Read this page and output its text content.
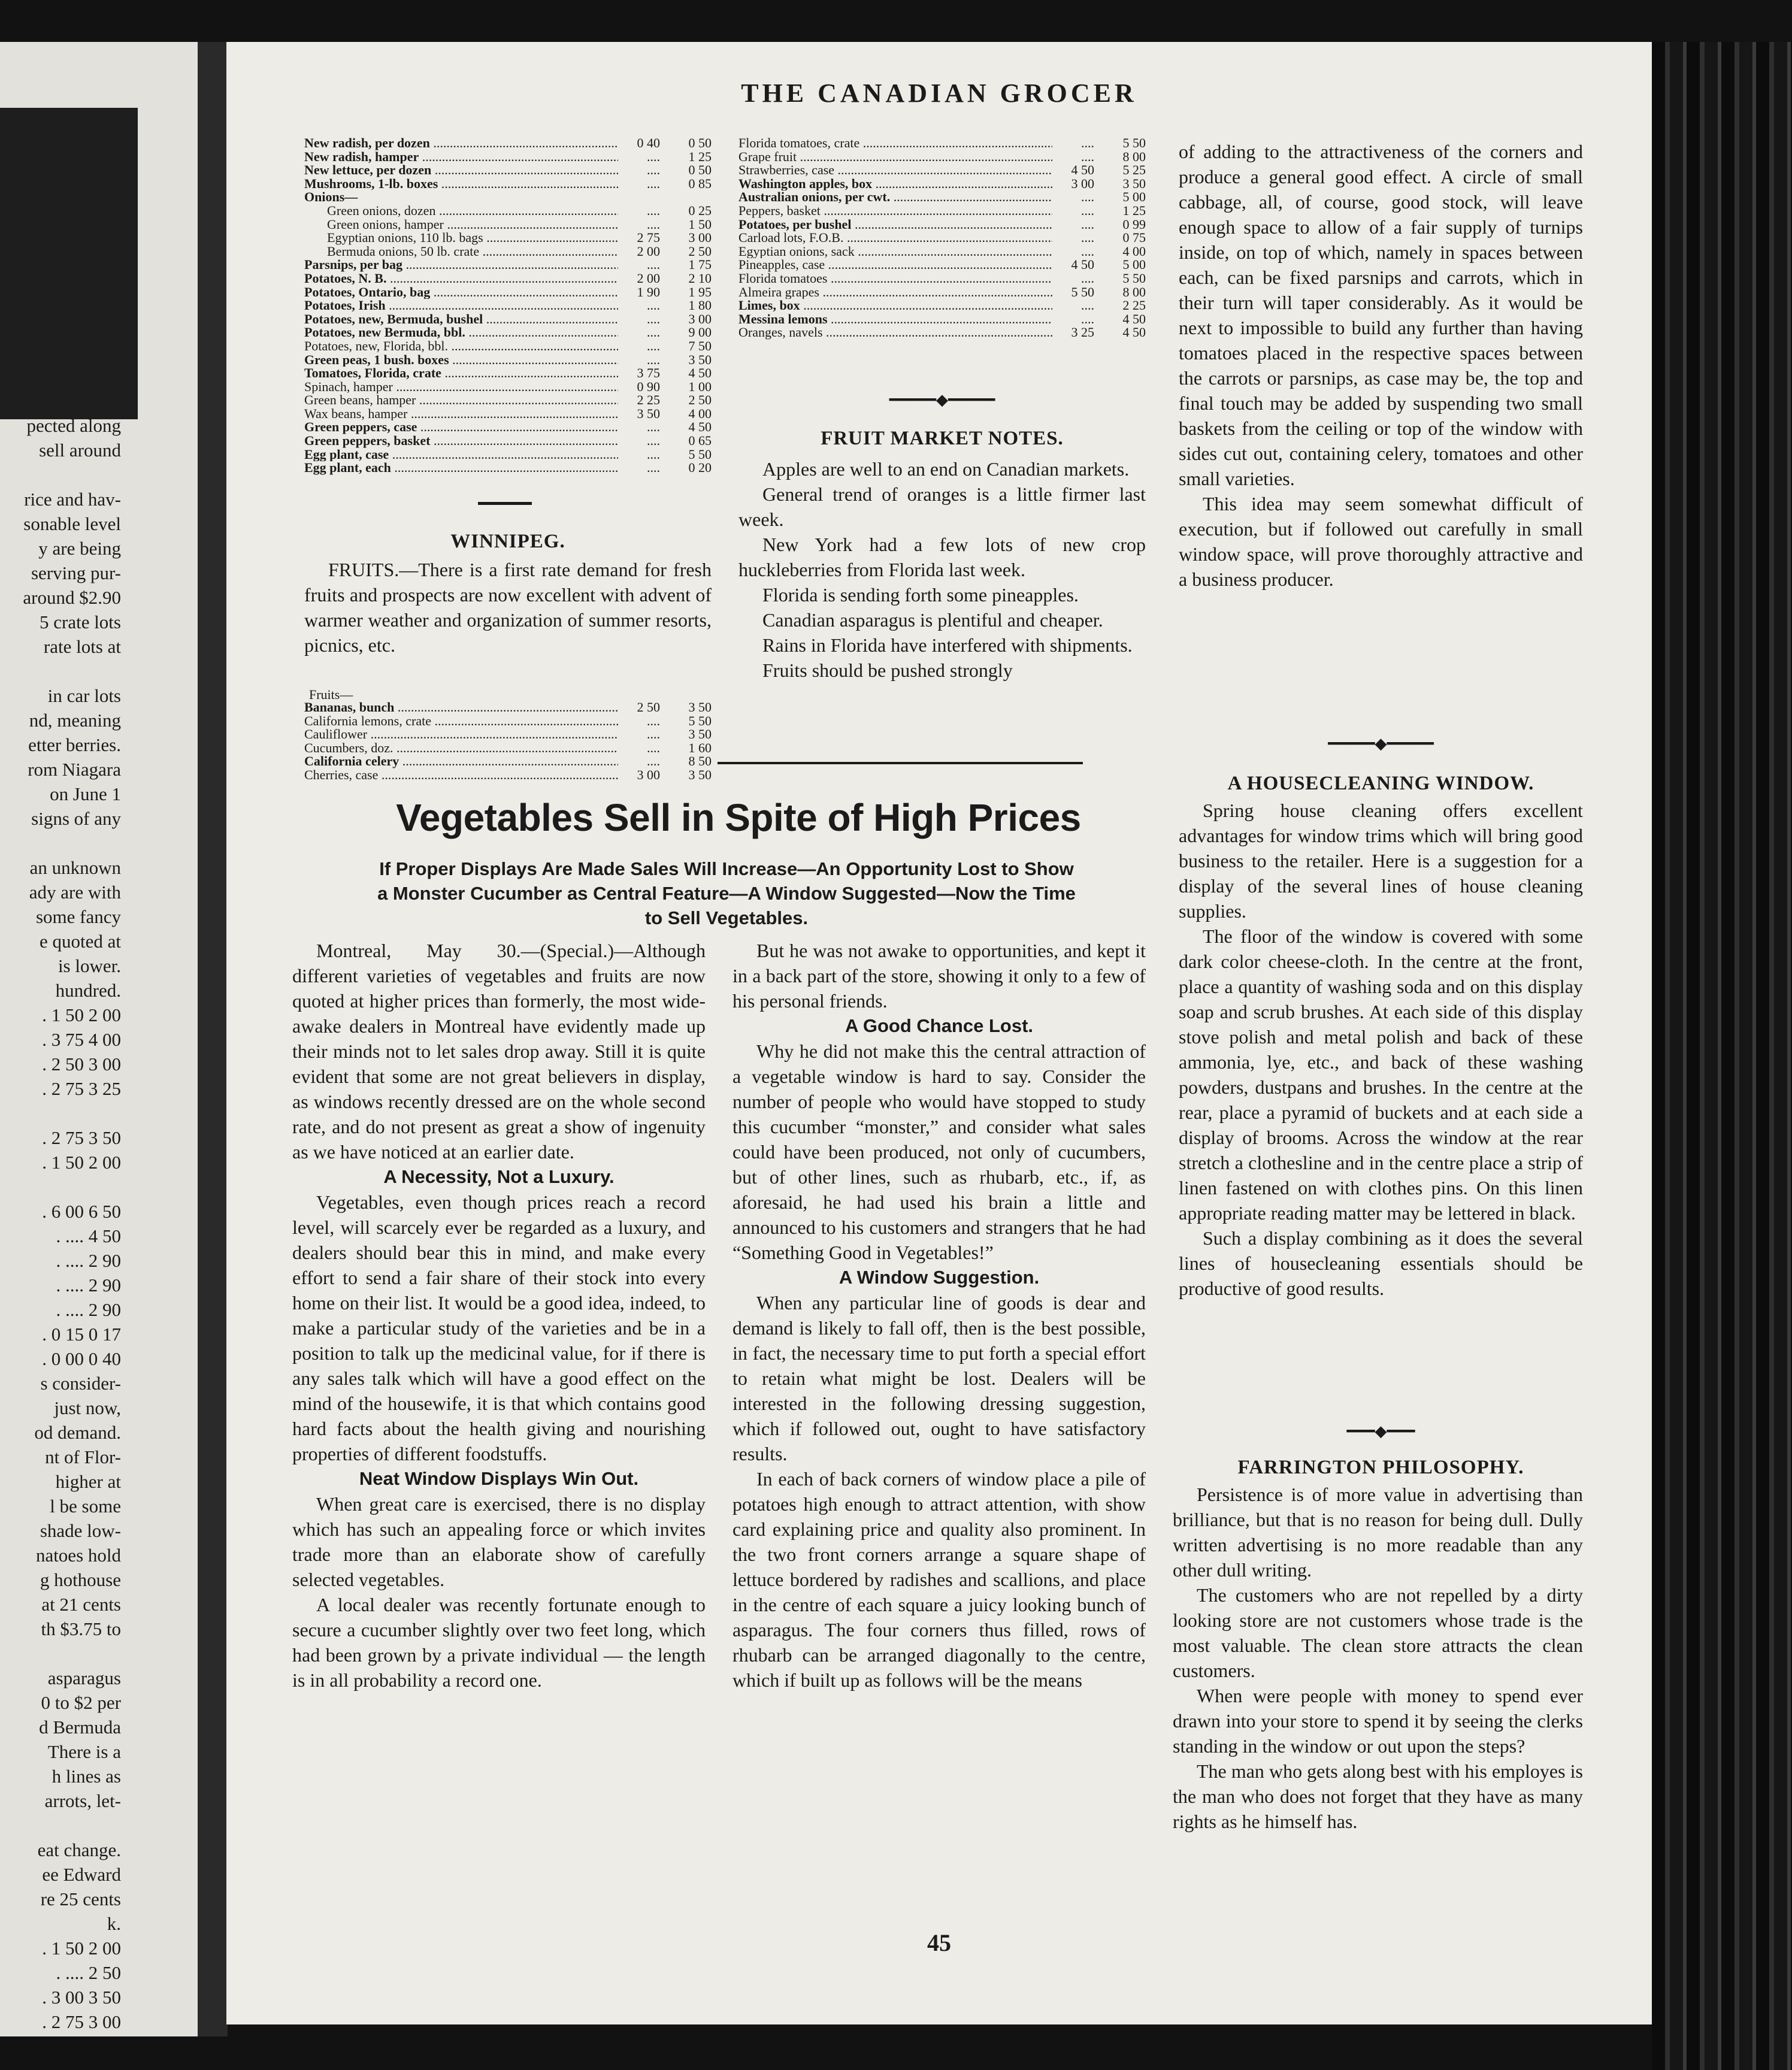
pected along
sell around

rice and hav-
sonable level
y are being
serving pur-
around $2.90
5 crate lots
rate lots at

in car lots
nd, meaning
etter berries.
rom Niagara
on June 1
signs of any

an unknown
ady are with
some fancy
e quoted at
is lower.
hundred.
. 1 50 2 00
. 3 75 4 00
. 2 50 3 00
. 2 75 3 25

. 2 75 3 50
. 1 50 2 00

. 6 00 6 50
. .... 4 50
. .... 2 90
. .... 2 90
. .... 2 90
. 0 15 0 17
. 0 00 0 40
s consider-
just now,
od demand.
nt of Flor-
higher at
l be some
shade low-
natoes hold
g hothouse
at 21 cents
th $3.75 to

asparagus
0 to $2 per
d Bermuda
There is a
h lines as
arrots, let-

eat change.
ee Edward
re 25 cents
k.
. 1 50 2 00
. .... 2 50
. 3 00 3 50
. 2 75 3 00
THE CANADIAN GROCER
New radish, per dozen .....	0 40	0 50
New radish, hamper .....	....	1 25
New lettuce, per dozen .....	....	0 50
Mushrooms, 1-lb. boxes .....	....	0 85
Onions—
Green onions, dozen .....	....	0 25
Green onions, hamper .....	....	1 50
Egyptian onions, 110 lb. bags .....	2 75	3 00
Bermuda onions, 50 lb. crate .....	2 00	2 50
Parsnips, per bag .....	....	1 75
Potatoes, N. B. .....	2 00	2 10
Potatoes, Ontario, bag .....	1 90	1 95
Potatoes, Irish .....	....	1 80
Potatoes, new, Bermuda, bushel .....	....	3 00
Potatoes, new Bermuda, bbl. .....	....	9 00
Potatoes, new, Florida, bbl. .....	....	7 50
Green peas, 1 bush. boxes .....	....	3 50
Tomatoes, Florida, crate .....	3 75	4 50
Spinach, hamper .....	0 90	1 00
Green beans, hamper .....	2 25	2 50
Wax beans, hamper .....	3 50	4 00
Green peppers, case .....	....	4 50
Green peppers, basket .....	....	0 65
Egg plant, case .....	....	5 50
Egg plant, each .....	....	0 20
WINNIPEG.

FRUITS.—There is a first rate demand for fresh fruits and prospects are now excellent with advent of warmer weather and organization of summer resorts, picnics, etc.

Fruits—
Bananas, bunch .....	2 50	3 50
California lemons, crate .....	....	5 50
Cauliflower .....	....	3 50
Cucumbers, doz. .....	....	1 60
California celery .....	....	8 50
Cherries, case .....	3 00	3 50
Florida tomatoes, crate .....	....	5 50
Grape fruit .....	....	8 00
Strawberries, case .....	4 50	5 25
Washington apples, box .....	3 00	3 50
Australian onions, per cwt. .....	....	5 00
Peppers, basket .....	....	1 25
Potatoes, per bushel .....	....	0 99
Carload lots, F.O.B. .....	....	0 75
Egyptian onions, sack .....	....	4 00
Pineapples, case .....	4 50	5 00
Florida tomatoes .....	....	5 50
Almeira grapes .....	5 50	8 00
Limes, box .....	....	2 25
Messina lemons .....	....	4 50
Oranges, navels .....	3 25	4 50
━━━━━◆━━━━━
FRUIT MARKET NOTES.

Apples are well to an end on Canadian markets.

General trend of oranges is a little firmer last week.

New York had a few lots of new crop huckleberries from Florida last week.

Florida is sending forth some pineapples.

Canadian asparagus is plentiful and cheaper.

Rains in Florida have interfered with shipments.

Fruits should be pushed strongly

of adding to the attractiveness of the corners and produce a general good effect. A circle of small cabbage, all, of course, good stock, will leave enough space to allow of a fair supply of turnips inside, on top of which, namely in spaces between each, can be fixed parsnips and carrots, which in their turn will taper considerably. As it would be next to impossible to build any further than having tomatoes placed in the respective spaces between the carrots or parsnips, as case may be, the top and final touch may be added by suspending two small baskets from the ceiling or top of the window with sides cut out, containing celery, tomatoes and other small varieties.

This idea may seem somewhat difficult of execution, but if followed out carefully in small window space, will prove thoroughly attractive and a business producer.

━━━━━◆━━━━━
A HOUSECLEANING WINDOW.

Spring house cleaning offers excellent advantages for window trims which will bring good business to the retailer. Here is a suggestion for a display of the several lines of house cleaning supplies.

The floor of the window is covered with some dark color cheese-cloth. In the centre at the front, place a quantity of washing soda and on this display soap and scrub brushes. At each side of this display stove polish and metal polish and back of these ammonia, lye, etc., and back of these washing powders, dustpans and brushes. In the centre at the rear, place a pyramid of buckets and at each side a display of brooms. Across the window at the rear stretch a clothesline and in the centre place a strip of linen fastened on with clothes pins. On this linen appropriate reading matter may be lettered in black.

Such a display combining as it does the several lines of housecleaning essentials should be productive of good results.

━━━◆━━━
FARRINGTON PHILOSOPHY.

Persistence is of more value in advertising than brilliance, but that is no reason for being dull. Dully written advertising is no more readable than any other dull writing.

The customers who are not repelled by a dirty looking store are not customers whose trade is the most valuable. The clean store attracts the clean customers.

When were people with money to spend ever drawn into your store to spend it by seeing the clerks standing in the window or out upon the steps?

The man who gets along best with his employes is the man who does not forget that they have as many rights as he himself has.

Vegetables Sell in Spite of High Prices
If Proper Displays Are Made Sales Will Increase—An Opportunity Lost to Show a Monster Cucumber as Central Feature—A Window Suggested—Now the Time to Sell Vegetables.

Montreal, May 30.—(Special.)—Although different varieties of vegetables and fruits are now quoted at higher prices than formerly, the most wide-awake dealers in Montreal have evidently made up their minds not to let sales drop away. Still it is quite evident that some are not great believers in display, as windows recently dressed are on the whole second rate, and do not present as great a show of ingenuity as we have noticed at an earlier date.

A Necessity, Not a Luxury.

Vegetables, even though prices reach a record level, will scarcely ever be regarded as a luxury, and dealers should bear this in mind, and make every effort to send a fair share of their stock into every home on their list. It would be a good idea, indeed, to make a particular study of the varieties and be in a position to talk up the medicinal value, for if there is any sales talk which will have a good effect on the mind of the housewife, it is that which contains good hard facts about the health giving and nourishing properties of different foodstuffs.

Neat Window Displays Win Out.

When great care is exercised, there is no display which has such an appealing force or which invites trade more than an elaborate show of carefully selected vegetables.

A local dealer was recently fortunate enough to secure a cucumber slightly over two feet long, which had been grown by a private individual — the length is in all probability a record one.

But he was not awake to opportunities, and kept it in a back part of the store, showing it only to a few of his personal friends.

A Good Chance Lost.

Why he did not make this the central attraction of a vegetable window is hard to say. Consider the number of people who would have stopped to study this cucumber “monster,” and consider what sales could have been produced, not only of cucumbers, but of other lines, such as rhubarb, etc., if, as aforesaid, he had used his brain a little and announced to his customers and strangers that he had “Something Good in Vegetables!”

A Window Suggestion.

When any particular line of goods is dear and demand is likely to fall off, then is the best possible, in fact, the necessary time to put forth a special effort to retain what might be lost. Dealers will be interested in the following dressing suggestion, which if followed out, ought to have satisfactory results.

In each of back corners of window place a pile of potatoes high enough to attract attention, with show card explaining price and quality also prominent. In the two front corners arrange a square shape of lettuce bordered by radishes and scallions, and place in the centre of each square a juicy looking bunch of asparagus. The four corners thus filled, rows of rhubarb can be arranged diagonally to the centre, which if built up as follows will be the means

45
